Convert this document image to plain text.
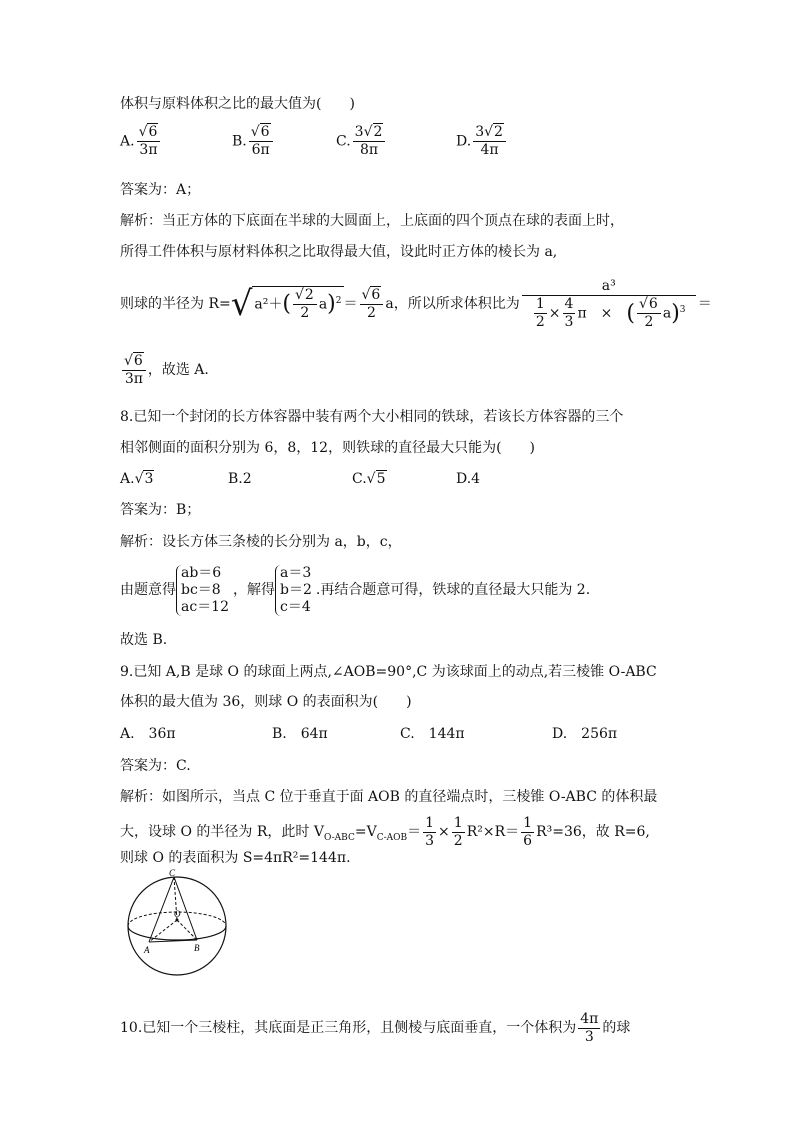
体积与原料体积之比的最大值为(　　)
A. $\frac{√6}{3\pi}$	B. $\frac{√6}{6\pi}$	C. $\frac{3√2}{8\pi}$	D. $\frac{3√2}{4\pi}$
答案为：A；
解析：当正方体的下底面在半球的大圆面上，上底面的四个顶点在球的表面上时，
所得工件体积与原材料体积之比取得最大值，设此时正方体的棱长为 a,
则球的半径为 R=√ $a^2+( \frac{√2}{2} a)^2 = \frac{√6}{2}$ a，所以所求体积比为 $\frac{\text{a³}}{\frac{1}{2} \times \frac{4}{3} \pi \times ( \frac{√6}{2} a)^3}$ ＝
$\frac{√6}{3\pi}$ ，故选 A.
8.已知一个封闭的长方体容器中装有两个大小相同的铁球，若该长方体容器的三个
相邻侧面的面积分别为 6，8，12，则铁球的直径最大只能为(　　)
A.√3	B.2	C.√5	D.4
答案为：B；
解析：设长方体三条棱的长分别为 a，b，c，
由题意得
ab＝6
bc＝8
ac＝12
，解得
a＝3
b＝2
c＝4
.再结合题意可得，铁球的直径最大只能为 2.
故选 B.
9.已知 A,B 是球 O 的球面上两点,∠AOB=90°,C 为该球面上的动点,若三棱锥 O-ABC
体积的最大值为 36，则球 O 的表面积为(　　)
A.　36π	B.　64π	C.　144π	D.　256π
答案为：C.
解析：如图所示，当点 C 位于垂直于面 AOB 的直径端点时，三棱锥 O-ABC 的体积最
大，设球 O 的半径为 R，此时 $V_{O-ABC}=V_{C-AOB}= \frac{1}{3} \times \frac{1}{2} R^2\times R= \frac{1}{6} R^3=36$，故 R=6,
则球 O 的表面积为 S=4πR²=144π.
C
O
A	B
10.已知一个三棱柱，其底面是正三角形，且侧棱与底面垂直，一个体积为 $\frac{4\pi}{3}$ 的球
